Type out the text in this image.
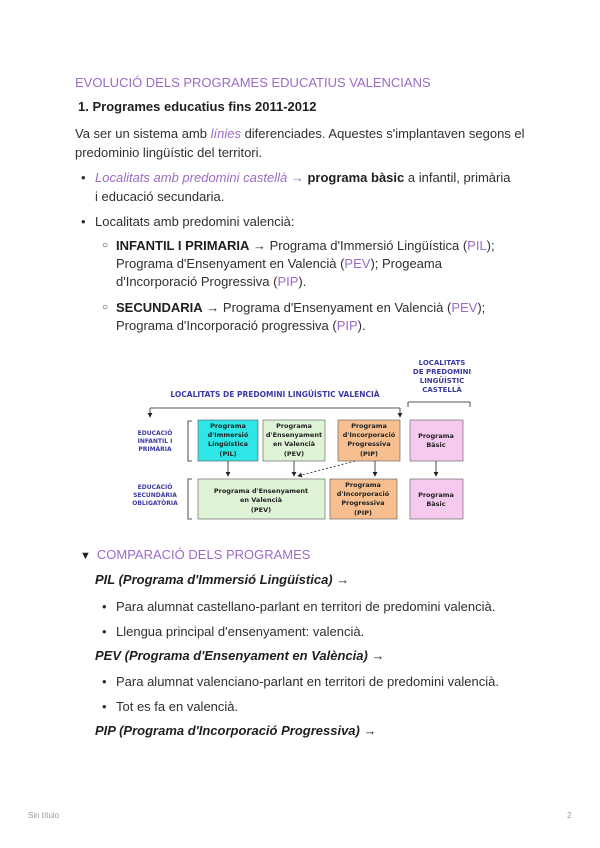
EVOLUCIÓ DELS PROGRAMES EDUCATIUS VALENCIANS
1. Programes educatius fins 2011-2012
Va ser un sistema amb línies diferenciades. Aquestes s'implantaven segons el predominio lingüístic del territori.
• Localitats amb predomini castellà → programa bàsic a infantil, primària i educació secundaria.
• Localitats amb predomini valencià:
○ INFANTIL I PRIMARIA → Programa d'Immersió Lingüística (PIL); Programa d'Ensenyament en Valencià (PEV); Progeama d'Incorporació Progressiva (PIP).
○ SECUNDARIA → Programa d'Ensenyament en Valencià (PEV); Programa d'Incorporació progressiva (PIP).
LOCALITATS
DE PREDOMINI
LINGÜÍSTIC
CASTELLÀ
LOCALITATS DE PREDOMINI LINGÜÍSTIC VALENCIÀ
EDUCACIÓ
INFANTIL I
PRIMÀRIA
EDUCACIÓ
SECUNDÀRIA
OBLIGATÒRIA
Programa
d'Immersió
Lingüística
(PIL)
Programa
d'Ensenyament
en Valencià
(PEV)
Programa
d'Incorporació
Progressiva
(PIP)
Programa
Bàsic
Programa d'Ensenyament
en Valencià
(PEV)
Programa
d'Incorporació
Progressiva
(PIP)
Programa
Bàsic
▼ COMPARACIÓ DELS PROGRAMES
PIL (Programa d'Immersió Lingüística) →
• Para alumnat castellano-parlant en territori de predomini valencià.
• Llengua principal d'ensenyament: valencià.
PEV (Programa d'Ensenyament en València) →
• Para alumnat valenciano-parlant en territori de predomini valencià.
• Tot es fa en valencià.
PIP (Programa d'Incorporació Progressiva) →
Sin título	2
